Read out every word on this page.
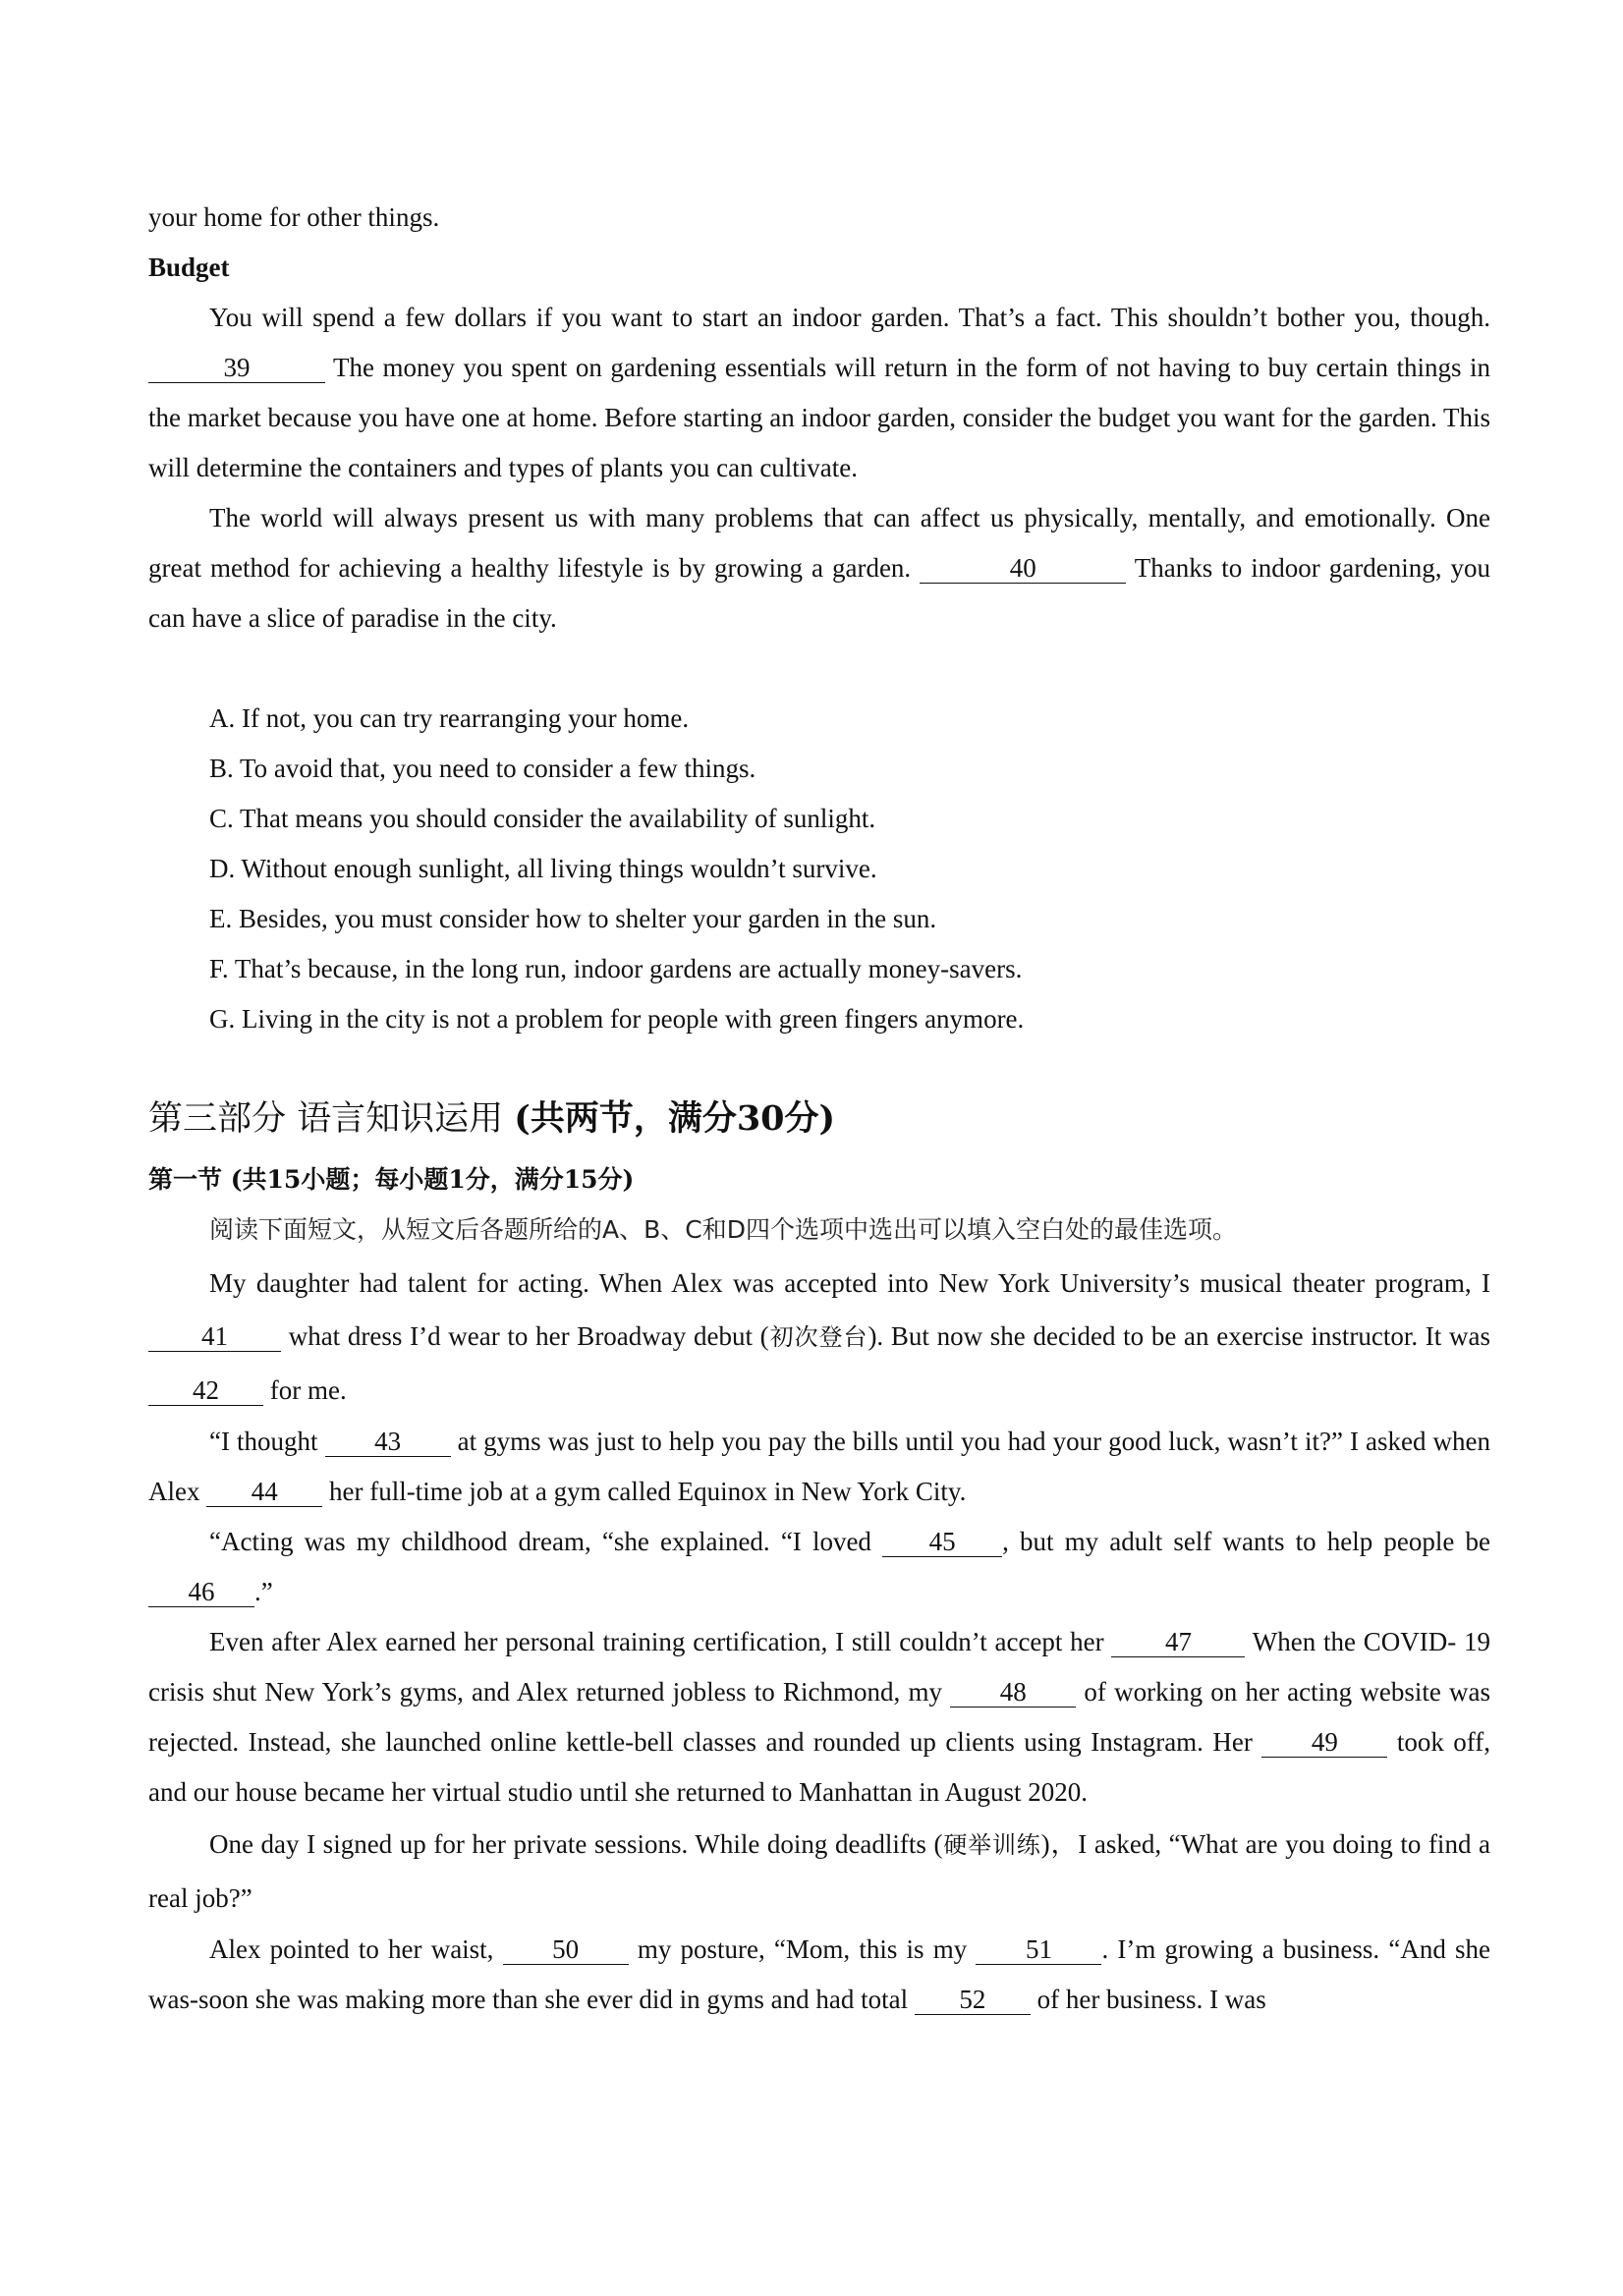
your home for other things.

Budget

You will spend a few dollars if you want to start an indoor garden. That’s a fact. This shouldn’t bother you, though. 39	The money you spent on gardening essentials will return in the form of not having to buy certain things in the market because you have one at home. Before starting an indoor garden, consider the budget you want for the garden. This will determine the containers and types of plants you can cultivate.

The world will always present us with many problems that can affect us physically, mentally, and emotionally. One great method for achieving a healthy lifestyle is by growing a garden.	40	Thanks to indoor gardening, you can have a slice of paradise in the city.

A. If not, you can try rearranging your home.

B. To avoid that, you need to consider a few things.

C. That means you should consider the availability of sunlight.

D. Without enough sunlight, all living things wouldn’t survive.

E. Besides, you must consider how to shelter your garden in the sun.

F. That’s because, in the long run, indoor gardens are actually money-savers.

G. Living in the city is not a problem for people with green fingers anymore.

第三部分 语言知识运用 (共两节，满分30分)

第一节 (共15小题；每小题1分，满分15分)

阅读下面短文，从短文后各题所给的A、B、C和D四个选项中选出可以填入空白处的最佳选项。

My daughter had talent for acting. When Alex was accepted into New York University’s musical theater program, I 41 what dress I’d wear to her Broadway debut (初次登台). But now she decided to be an exercise instructor. It was 42 for me.

“I thought 43 at gyms was just to help you pay the bills until you had your good luck, wasn’t it?” I asked when Alex 44 her full-time job at a gym called Equinox in New York City.

“Acting was my childhood dream, “she explained. “I loved 45 , but my adult self wants to help people be 46 .”

Even after Alex earned her personal training certification, I still couldn’t accept her 47 When the COVID- 19 crisis shut New York’s gyms, and Alex returned jobless to Richmond, my 48 of working on her acting website was rejected. Instead, she launched online kettle-bell classes and rounded up clients using Instagram. Her 49 took off, and our house became her virtual studio until she returned to Manhattan in August 2020.

One day I signed up for her private sessions. While doing deadlifts (硬举训练)，I asked, “What are you doing to find a real job?”

Alex pointed to her waist, 50 my posture, “Mom, this is my 51 . I’m growing a business. “And she was-soon she was making more than she ever did in gyms and had total 52 of her business. I was
